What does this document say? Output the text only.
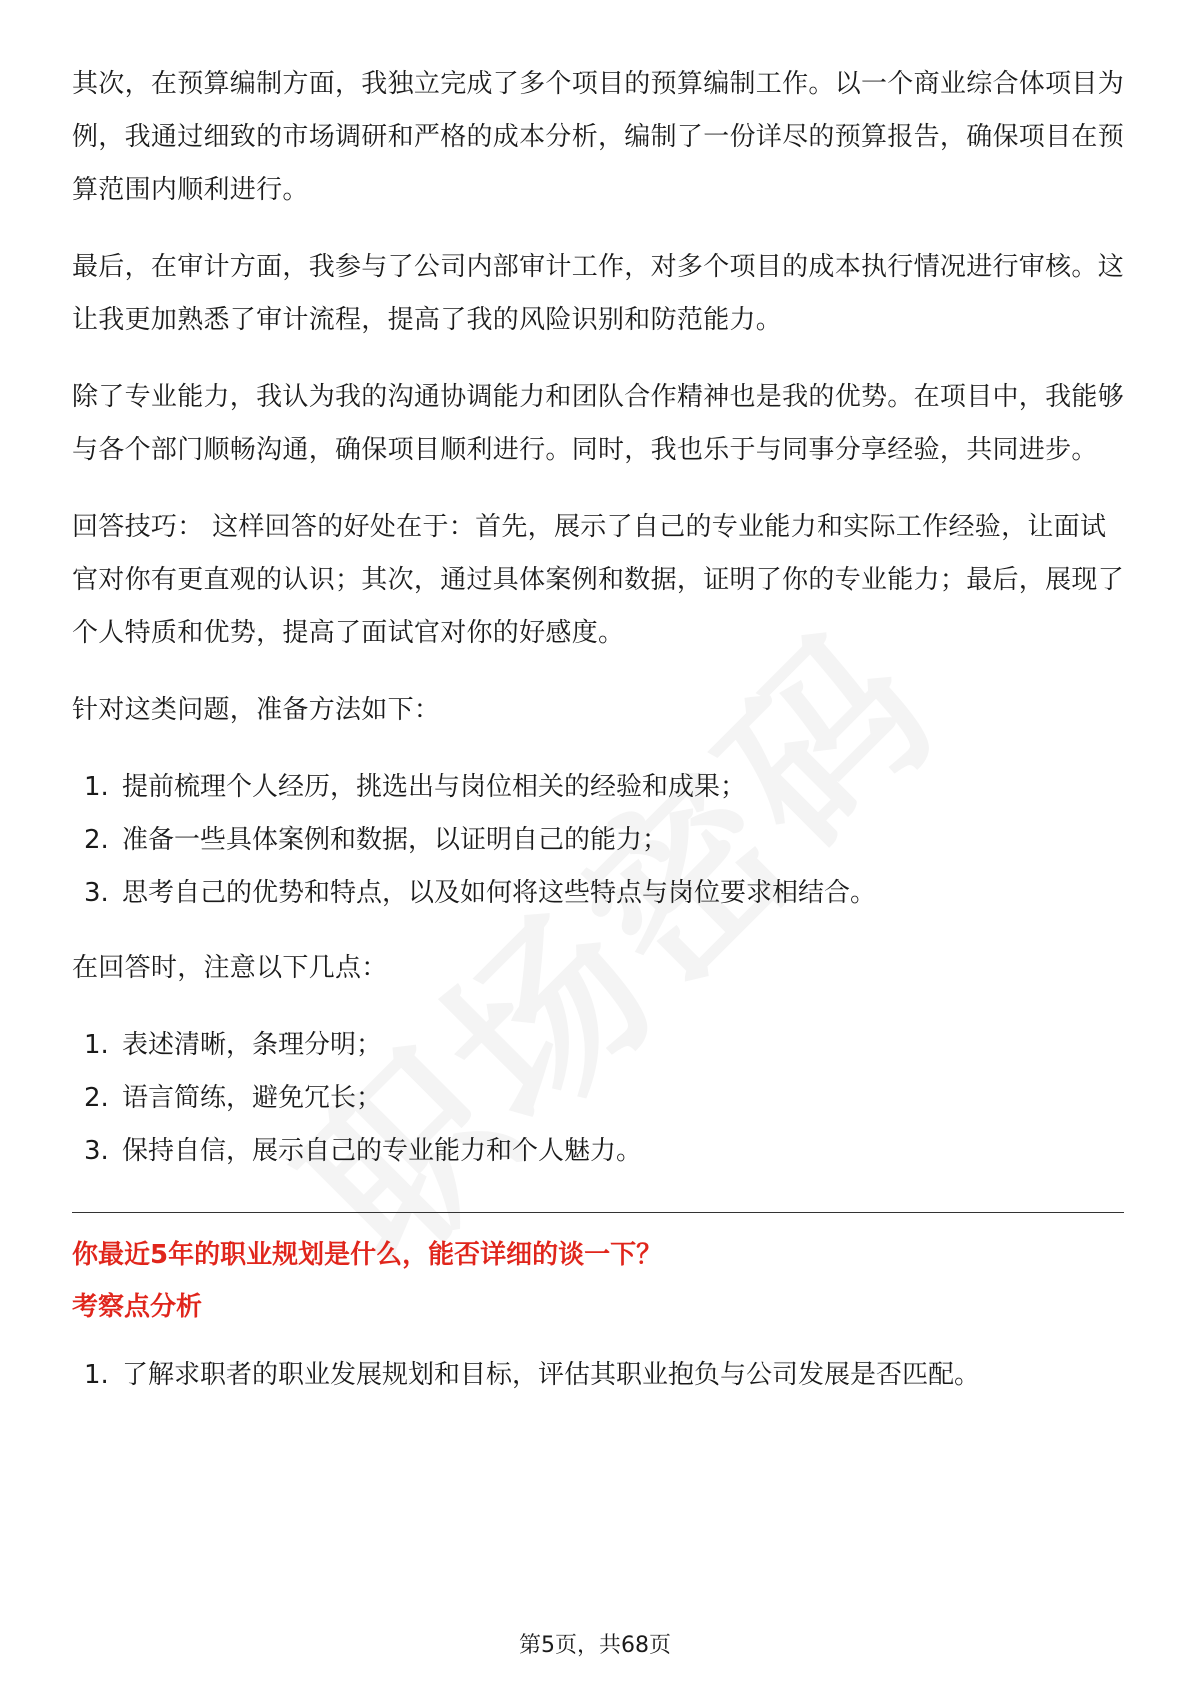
其次，在预算编制方面，我独立完成了多个项目的预算编制工作。以一个商业综合体项目为例，我通过细致的市场调研和严格的成本分析，编制了一份详尽的预算报告，确保项目在预算范围内顺利进行。

最后，在审计方面，我参与了公司内部审计工作，对多个项目的成本执行情况进行审核。这让我更加熟悉了审计流程，提高了我的风险识别和防范能力。

除了专业能力，我认为我的沟通协调能力和团队合作精神也是我的优势。在项目中，我能够与各个部门顺畅沟通，确保项目顺利进行。同时，我也乐于与同事分享经验，共同进步。

回答技巧： 这样回答的好处在于：首先，展示了自己的专业能力和实际工作经验，让面试官对你有更直观的认识；其次，通过具体案例和数据，证明了你的专业能力；最后，展现了个人特质和优势，提高了面试官对你的好感度。

针对这类问题，准备方法如下：

1. 提前梳理个人经历，挑选出与岗位相关的经验和成果；
2. 准备一些具体案例和数据，以证明自己的能力；
3. 思考自己的优势和特点，以及如何将这些特点与岗位要求相结合。

在回答时，注意以下几点：

1. 表述清晰，条理分明；
2. 语言简练，避免冗长；
3. 保持自信，展示自己的专业能力和个人魅力。

你最近5年的职业规划是什么，能否详细的谈一下？

考察点分析

1. 了解求职者的职业发展规划和目标，评估其职业抱负与公司发展是否匹配。
第5页，共68页
